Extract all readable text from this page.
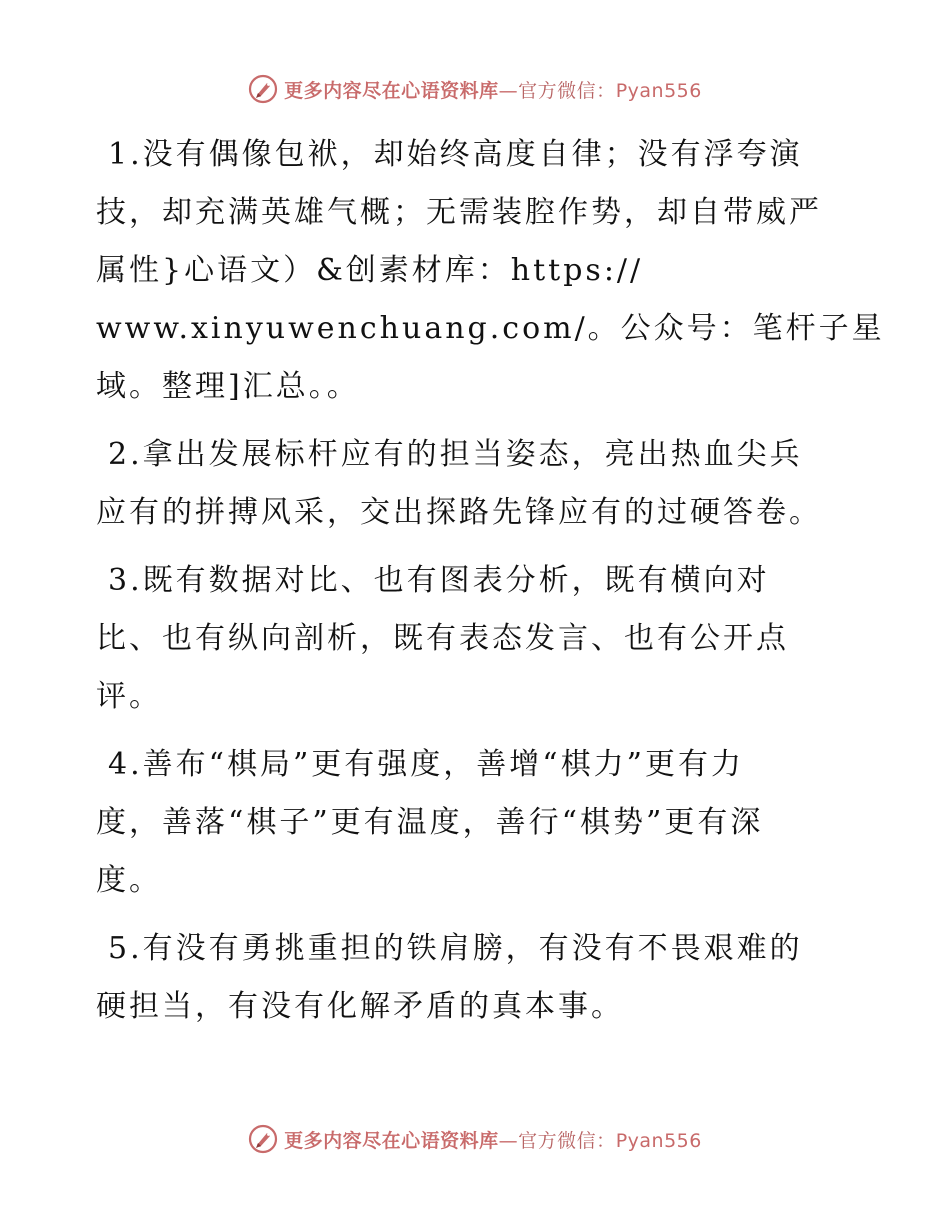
更多内容尽在心语资料库—官方微信：Pyan556

1.没有偶像包袱，却始终高度自律；没有浮夸演
技，却充满英雄气概；无需装腔作势，却自带威严
属性}心语文）&创素材库：https://
www.xinyuwenchuang.com/。公众号：笔杆子星
域。整理]汇总。。

2.拿出发展标杆应有的担当姿态，亮出热血尖兵
应有的拼搏风采，交出探路先锋应有的过硬答卷。

3.既有数据对比、也有图表分析，既有横向对
比、也有纵向剖析，既有表态发言、也有公开点
评。

4.善布“棋局”更有强度，善增“棋力”更有力
度，善落“棋子”更有温度，善行“棋势”更有深
度。

5.有没有勇挑重担的铁肩膀，有没有不畏艰难的
硬担当，有没有化解矛盾的真本事。

更多内容尽在心语资料库—官方微信：Pyan556
